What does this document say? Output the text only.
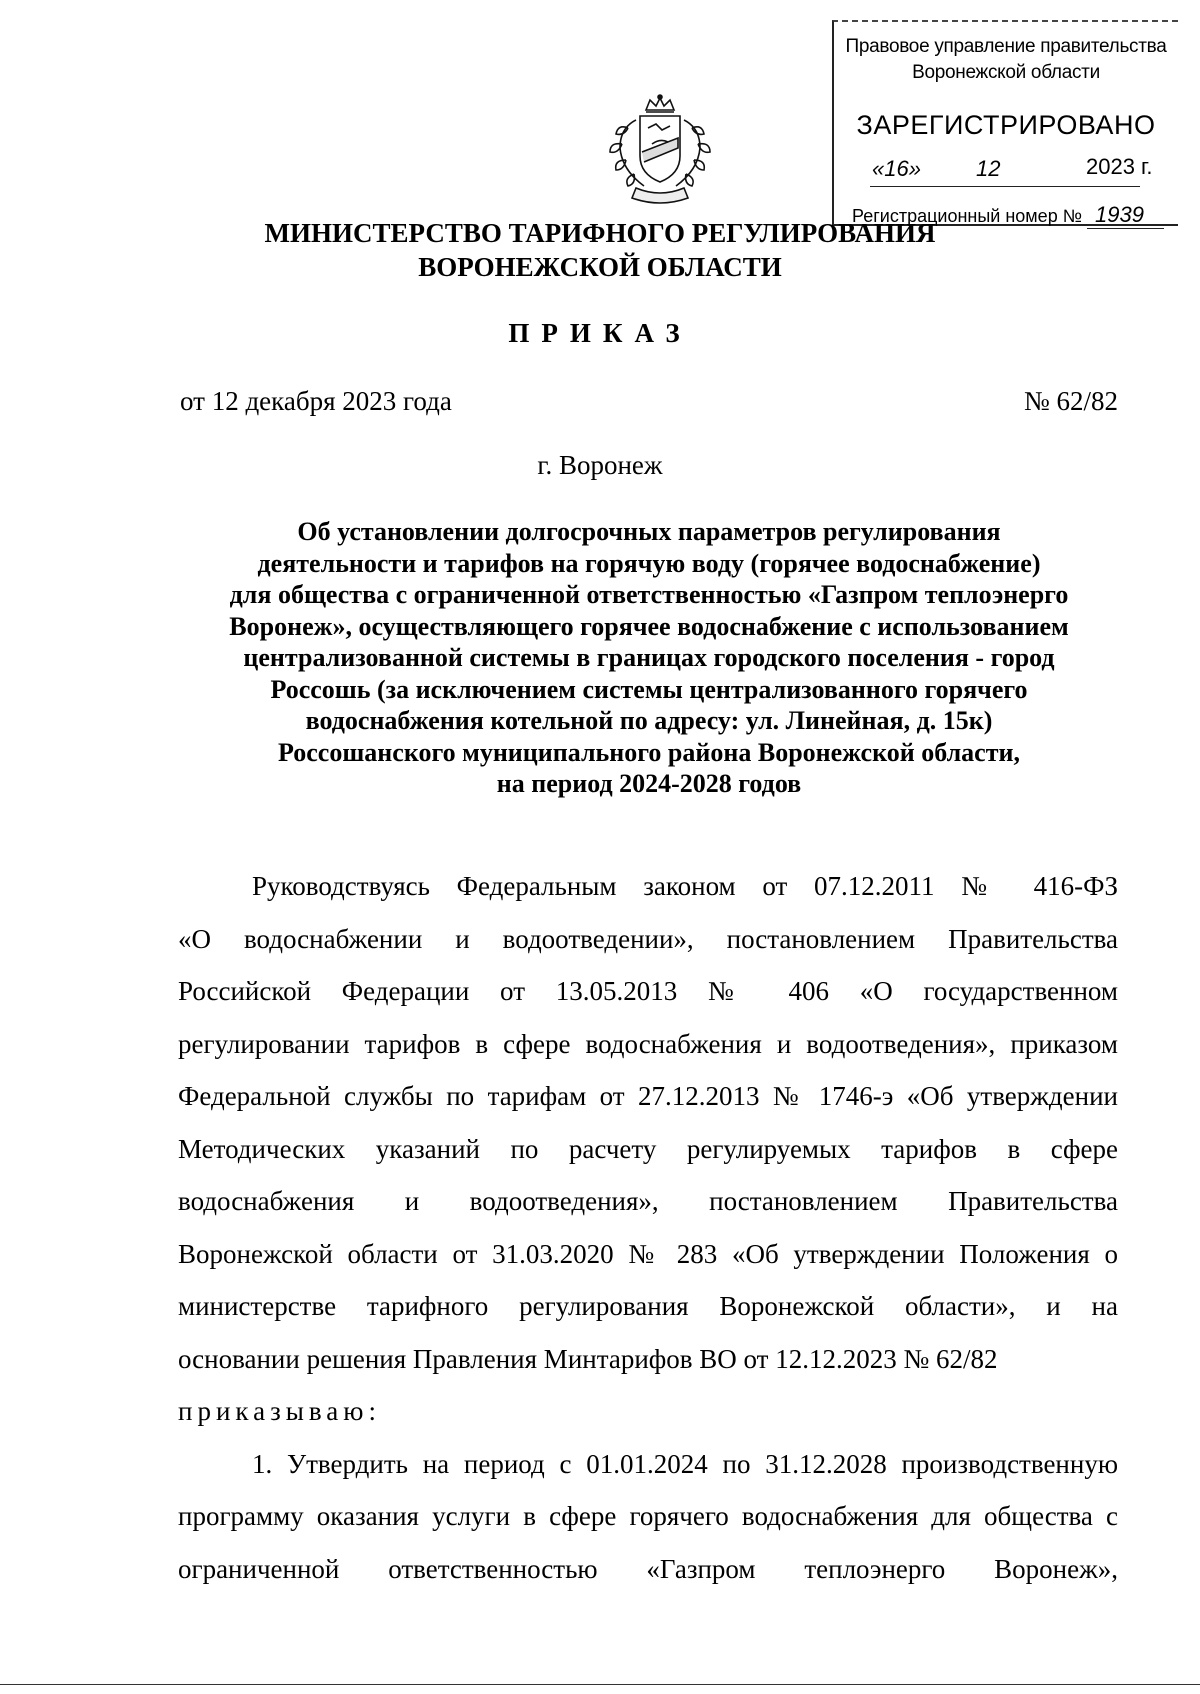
Правовое управление правительства
Воронежской области
ЗАРЕГИСТРИРОВАНО
«16»	12	2023 г.
Регистрационный номер № 1939
МИНИСТЕРСТВО ТАРИФНОГО РЕГУЛИРОВАНИЯ
ВОРОНЕЖСКОЙ ОБЛАСТИ
ПРИКАЗ
от 12 декабря 2023 года	№ 62/82
г. Воронеж
Об установлении долгосрочных параметров регулирования
деятельности и тарифов на горячую воду (горячее водоснабжение)
для общества с ограниченной ответственностью «Газпром теплоэнерго
Воронеж», осуществляющего горячее водоснабжение с использованием
централизованной системы в границах городского поселения - город
Россошь (за исключением системы централизованного горячего
водоснабжения котельной по адресу: ул. Линейная, д. 15к)
Россошанского муниципального района Воронежской области,
на период 2024-2028 годов
Руководствуясь Федеральным законом от 07.12.2011 № 416-ФЗ
«О водоснабжении и водоотведении», постановлением Правительства
Российской Федерации от 13.05.2013 № 406 «О государственном
регулировании тарифов в сфере водоснабжения и водоотведения», приказом
Федеральной службы по тарифам от 27.12.2013 № 1746-э «Об утверждении
Методических указаний по расчету регулируемых тарифов в сфере
водоснабжения и водоотведения», постановлением Правительства
Воронежской области от 31.03.2020 № 283 «Об утверждении Положения о
министерстве тарифного регулирования Воронежской области», и на
основании решения Правления Минтарифов ВО от 12.12.2023 № 62/82
приказываю:
1. Утвердить на период с 01.01.2024 по 31.12.2028 производственную
программу оказания услуги в сфере горячего водоснабжения для общества с
ограниченной ответственностью «Газпром теплоэнерго Воронеж»,
